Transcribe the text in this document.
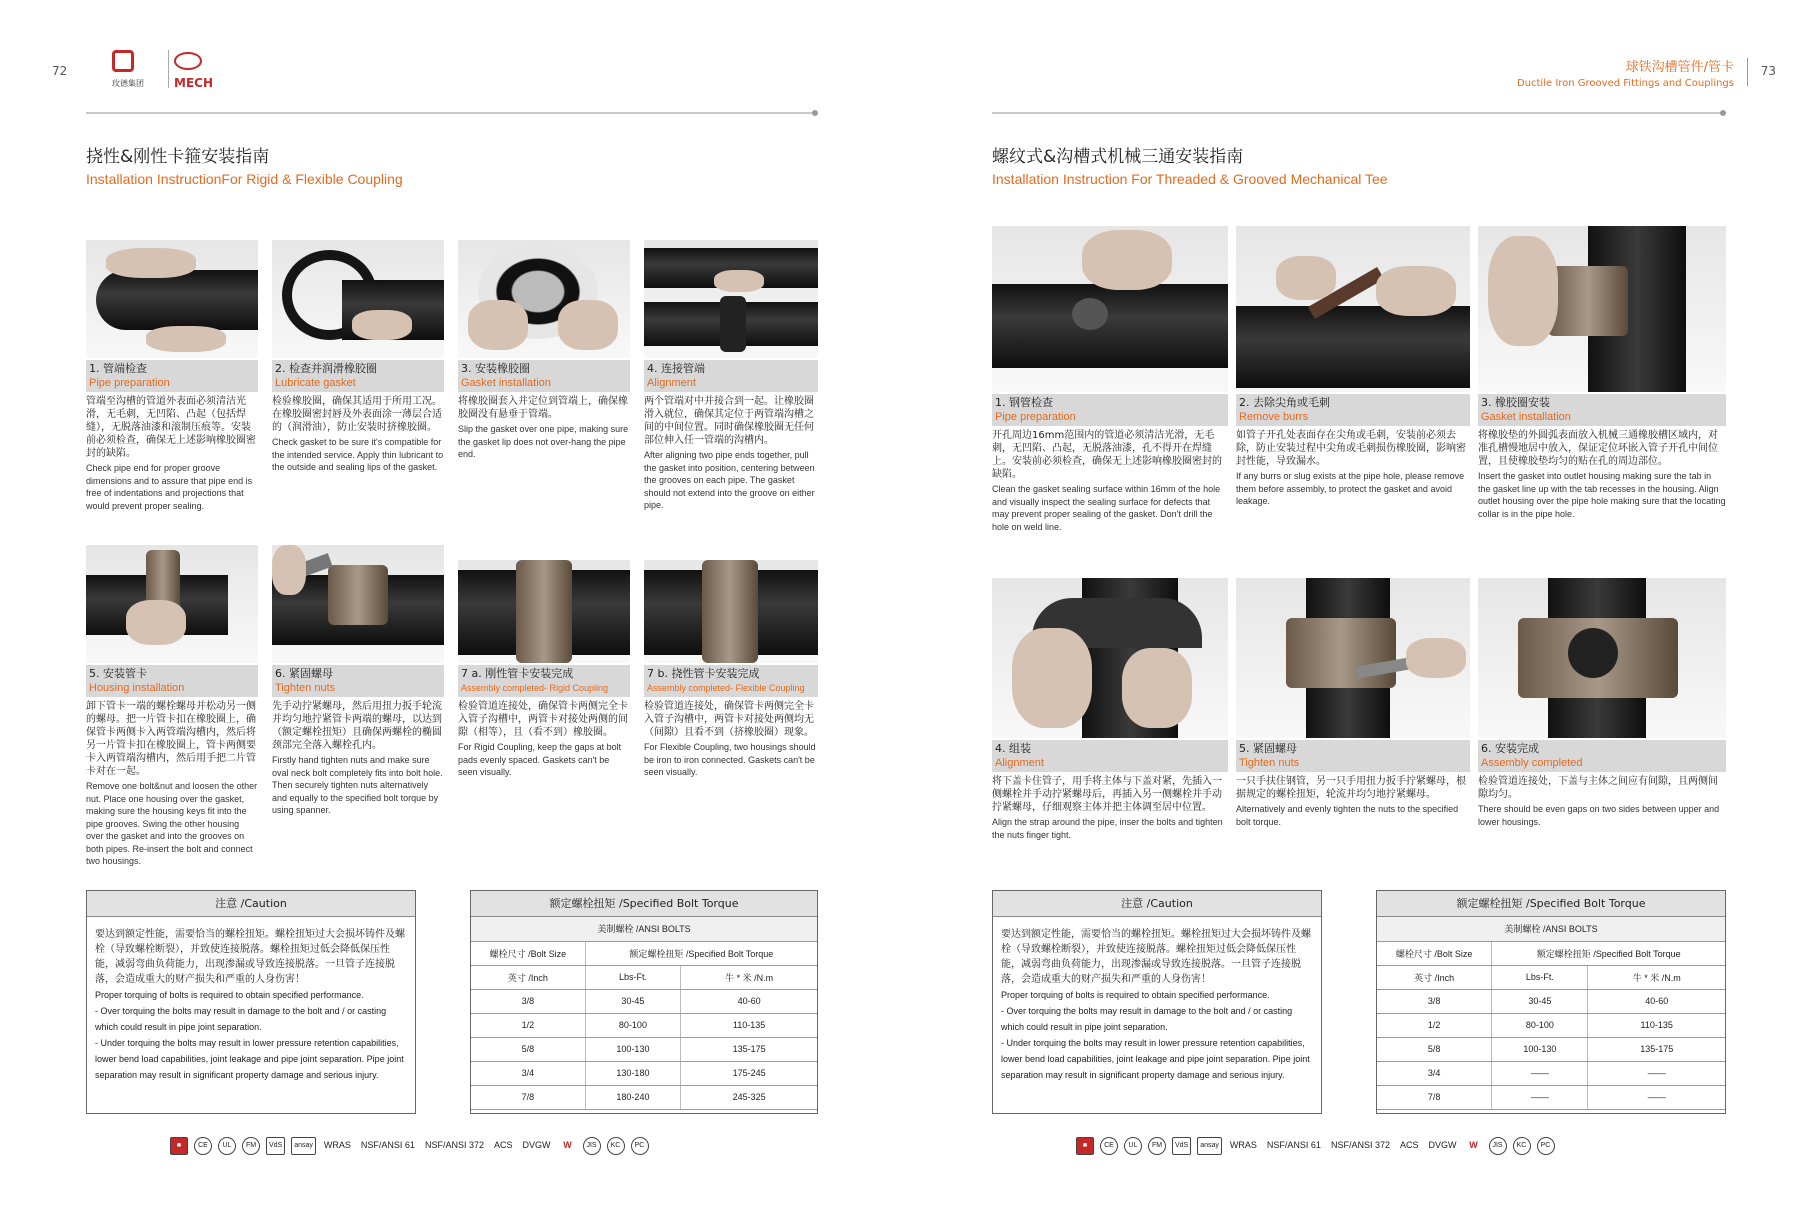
72
玫德集团	MECH
挠性&刚性卡箍安装指南
Installation InstructionFor Rigid & Flexible Coupling
1. 管端检查
Pipe preparation
管端至沟槽的管道外表面必须清洁光滑，无毛刺，无凹陷、凸起（包括焊缝），无脱落油漆和滚制压痕等。安装前必须检查，确保无上述影响橡胶圈密封的缺陷。
Check pipe end for proper groove dimensions and to assure that pipe end is free of indentations and projections that would prevent proper sealing.
2. 检查并润滑橡胶圈
Lubricate gasket
检验橡胶圈，确保其适用于所用工况。在橡胶圈密封唇及外表面涂一薄层合适的（润滑油），防止安装时挤橡胶圈。
Check gasket to be sure it's compatible for the intended service. Apply thin lubricant to the outside and sealing lips of the gasket.
3. 安装橡胶圈
Gasket installation
将橡胶圈套入并定位到管端上，确保橡胶圈没有悬垂于管端。
Slip the gasket over one pipe, making sure the gasket lip does not over-hang the pipe end.
4. 连接管端
Alignment
两个管端对中并接合到一起。让橡胶圈滑入就位，确保其定位于两管端沟槽之间的中间位置。同时确保橡胶圈无任何部位伸入任一管端的沟槽内。
After aligning two pipe ends together, pull the gasket into position, centering between the grooves on each pipe. The gasket should not extend into the groove on either pipe.
5. 安装管卡
Housing installation
卸下管卡一端的螺栓螺母并松动另一侧的螺母。把一片管卡扣在橡胶圈上，确保管卡两侧卡入两管端沟槽内，然后将另一片管卡扣在橡胶圈上，管卡两侧要卡入两管端沟槽内，然后用手把二片管卡对在一起。
Remove one bolt&nut and loosen the other nut. Place one housing over the gasket, making sure the housing keys fit into the pipe grooves. Swing the other housing over the gasket and into the grooves on both pipes. Re-insert the bolt and connect two housings.
6. 紧固螺母
Tighten nuts
先手动拧紧螺母，然后用扭力扳手轮流并均匀地拧紧管卡两端的螺母，以达到（额定螺栓扭矩）且确保两螺栓的椭圆颈部完全落入螺栓孔内。
Firstly hand tighten nuts and make sure oval neck bolt completely fits into bolt hole. Then securely tighten nuts alternatively and equally to the specified bolt torque by using spanner.
7 a. 刚性管卡安装完成
Assembly completed- Rigid Coupling
检验管道连接处，确保管卡两侧完全卡入管子沟槽中，两管卡对接处两侧的间隙（相等），且（看不到）橡胶圈。
For Rigid Coupling, keep the gaps at bolt pads evenly spaced. Gaskets can't be seen visually.
7 b. 挠性管卡安装完成
Assembly completed- Flexible Coupling
检验管道连接处，确保管卡两侧完全卡入管子沟槽中，两管卡对接处两侧均无（间隙）且看不到（挤橡胶圈）现象。
For Flexible Coupling, two housings should be iron to iron connected. Gaskets can't be seen visually.
注意 /Caution
要达到额定性能，需要恰当的螺栓扭矩。螺栓扭矩过大会损坏铸件及螺栓（导致螺栓断裂），并致使连接脱落。螺栓扭矩过低会降低保压性能，减弱弯曲负荷能力，出现渗漏或导致连接脱落。一旦管子连接脱落，会造成重大的财产损失和严重的人身伤害！
Proper torquing of bolts is required to obtain specified performance.
- Over torquing the bolts may result in damage to the bolt and / or casting which could result in pipe joint separation.
- Under torquing the bolts may result in lower pressure retention capabilities, lower bend load capabilities, joint leakage and pipe joint separation. Pipe joint separation may result in significant property damage and serious injury.
额定螺栓扭矩 /Specified Bolt Torque
美制螺栓 /ANSI BOLTS		
螺栓尺寸 /Bolt Size	额定螺栓扭矩 /Specified Bolt Torque	
英寸 /Inch	Lbs-Ft.	牛 * 米 /N.m
3/8	30-45	40-60
1/2	80-100	110-135
5/8	100-130	135-175
3/4	130-180	175-245
7/8	180-240	245-325
■	CE	UL	FM	VdS	ansay	WRAS NSF/ANSI 61 NSF/ANSI 372 ACS DVGW	W	JIS	KC	PC
球铁沟槽管件/管卡
Ductile Iron Grooved Fittings and Couplings
73
螺纹式&沟槽式机械三通安装指南
Installation Instruction For Threaded & Grooved Mechanical Tee
1. 钢管检查
Pipe preparation
开孔周边16mm范围内的管道必须清洁光滑，无毛刺，无凹陷、凸起，无脱落油漆，孔不得开在焊缝上。安装前必须检查，确保无上述影响橡胶圈密封的缺陷。
Clean the gasket sealing surface within 16mm of the hole and visually inspect the sealing surface for defects that may prevent proper sealing of the gasket. Don't drill the hole on weld line.
2. 去除尖角或毛刺
Remove burrs
如管子开孔处表面存在尖角或毛刺，安装前必须去除，防止安装过程中尖角或毛刺损伤橡胶圈，影响密封性能，导致漏水。
If any burrs or slug exists at the pipe hole, please remove them before assembly, to protect the gasket and avoid leakage.
3. 橡胶圈安装
Gasket installation
将橡胶垫的外圆弧表面放入机械三通橡胶槽区域内，对准孔槽慢地居中放入，保证定位环嵌入管子开孔中间位置，且使橡胶垫均匀的贴在孔的周边部位。
Insert the gasket into outlet housing making sure the tab in the gasket line up with the tab recesses in the housing. Align outlet housing over the pipe hole making sure that the locating collar is in the pipe hole.
4. 组装
Alignment
将下盖卡住管子，用手将主体与下盖对紧，先插入一侧螺栓并手动拧紧螺母后，再插入另一侧螺栓并手动拧紧螺母，仔细观察主体并把主体调至居中位置。
Align the strap around the pipe, inser the bolts and tighten the nuts finger tight.
5. 紧固螺母
Tighten nuts
一只手扶住钢管，另一只手用扭力扳手拧紧螺母，根据规定的螺栓扭矩，轮流并均匀地拧紧螺母。
Alternatively and evenly tighten the nuts to the specified bolt torque.
6. 安装完成
Assembly completed
检验管道连接处，下盖与主体之间应有间隙，且两侧间隙均匀。
There should be even gaps on two sides between upper and lower housings.
注意 /Caution
要达到额定性能，需要恰当的螺栓扭矩。螺栓扭矩过大会损坏铸件及螺栓（导致螺栓断裂），并致使连接脱落。螺栓扭矩过低会降低保压性能，减弱弯曲负荷能力，出现渗漏或导致连接脱落。一旦管子连接脱落，会造成重大的财产损失和严重的人身伤害！
Proper torquing of bolts is required to obtain specified performance.
- Over torquing the bolts may result in damage to the bolt and / or casting which could result in pipe joint separation.
- Under torquing the bolts may result in lower pressure retention capabilities, lower bend load capabilities, joint leakage and pipe joint separation. Pipe joint separation may result in significant property damage and serious injury.
额定螺栓扭矩 /Specified Bolt Torque
美制螺栓 /ANSI BOLTS		
螺栓尺寸 /Bolt Size	额定螺栓扭矩 /Specified Bolt Torque	
英寸 /Inch	Lbs-Ft.	牛 * 米 /N.m
3/8	30-45	40-60
1/2	80-100	110-135
5/8	100-130	135-175
3/4	——	——
7/8	——	——
■	CE	UL	FM	VdS	ansay	WRAS NSF/ANSI 61 NSF/ANSI 372 ACS DVGW	W	JIS	KC	PC
